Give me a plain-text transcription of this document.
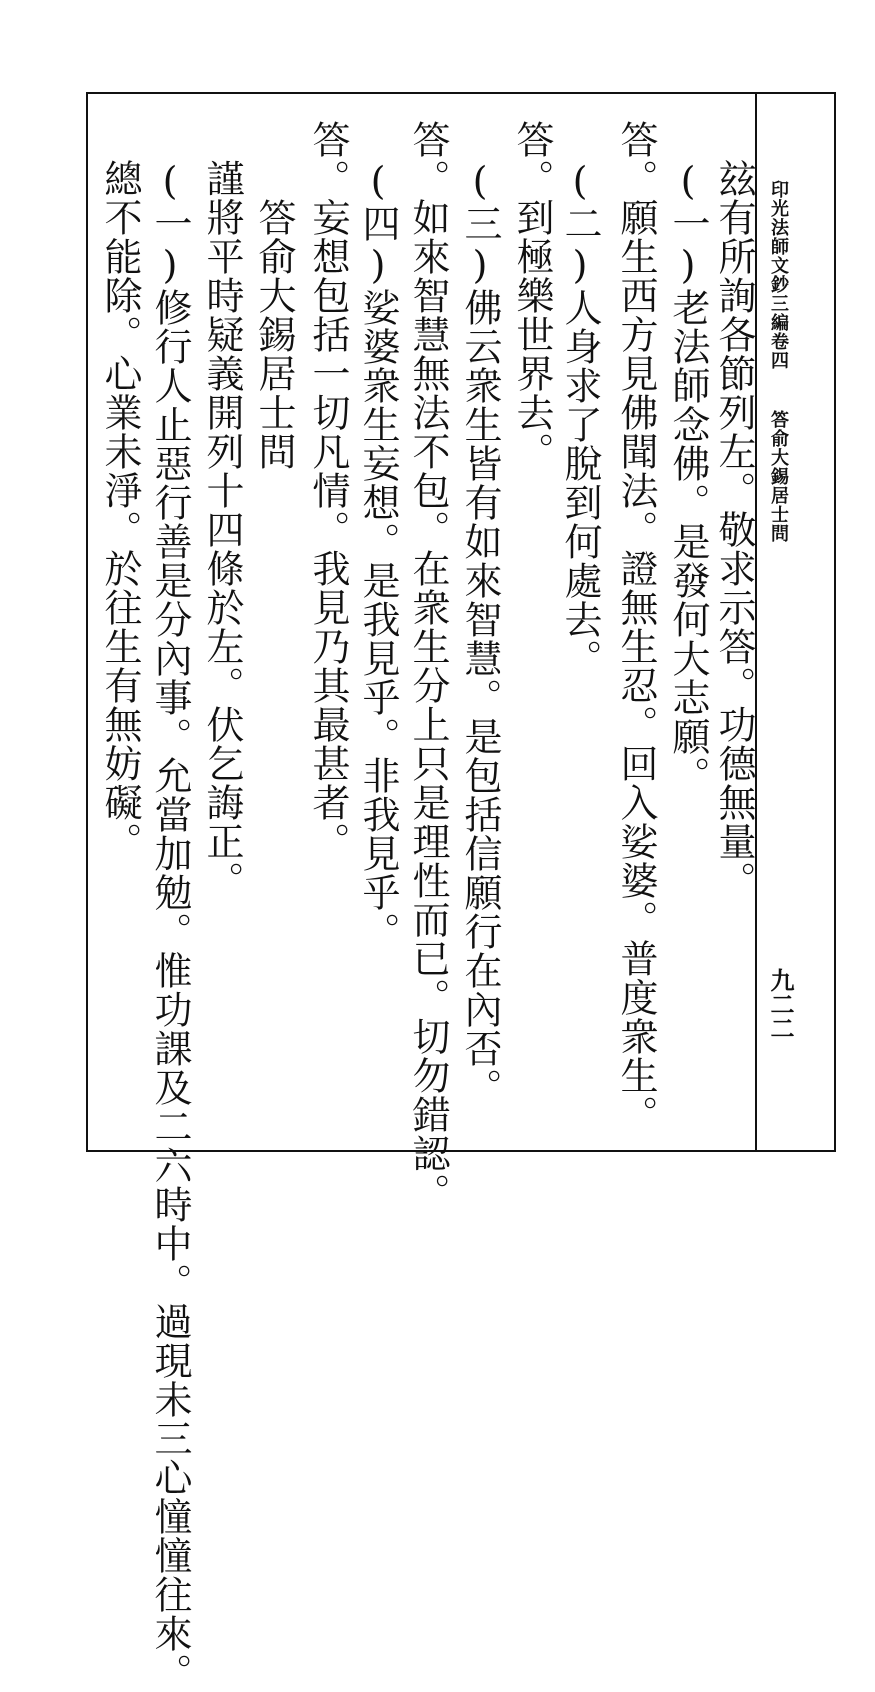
印光法師文鈔三編卷四答俞大錫居士問
九二二
　玆有所詢各節列左。敬求示答。功德無量。
　(一)老法師念佛。是發何大志願。
答。願生西方見佛聞法。證無生忍。回入娑婆。普度衆生。
　(二)人身求了脫到何處去。
答。到極樂世界去。
　(三)佛云衆生皆有如來智慧。是包括信願行在內否。
答。如來智慧無法不包。在衆生分上只是理性而已。切勿錯認。
　(四)娑婆衆生妄想。是我見乎。非我見乎。
答。妄想包括一切凡情。我見乃其最甚者。
　　答俞大錫居士問
　謹將平時疑義開列十四條於左。伏乞誨正。
　(一)修行人止惡行善是分內事。允當加勉。惟功課及二六時中。過現未三心憧憧往來。
　總不能除。心業未淨。於往生有無妨礙。
